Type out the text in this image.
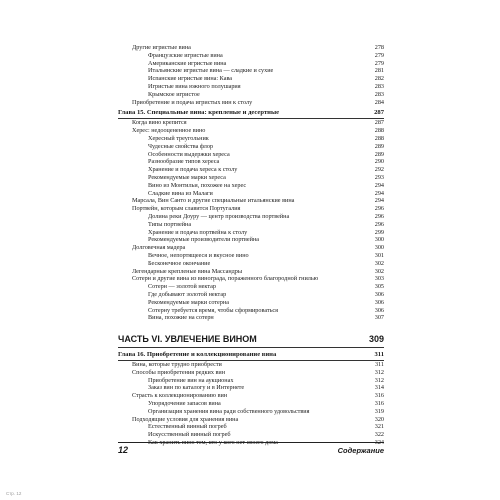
Другие игристые вина	278
Французские игристые вина	279
Американские игристые вина	279
Итальянские игристые вина — сладкие и сухие	281
Испанские игристые вина: Кава	282
Игристые вина южного полушария	283
Крымское игристое	283
Приобретение и подача игристых вин к столу	284
Глава 15. Специальные вина: крепленые и десертные	287
Когда вино крепится	287
Херес: недооцененное вино	288
Хересный треугольник	288
Чудесные свойства флор	289
Особенности выдержки хереса	289
Разнообразие типов хереса	290
Хранение и подача хереса к столу	292
Рекомендуемые марки хереса	293
Вино из Монтильи, похожее на херес	294
Сладкие вина из Малаги	294
Марсала, Вин Санто и другие специальные итальянские вина	294
Портвейн, которым славится Португалия	296
Долина реки Доуру — центр производства портвейна	296
Типы портвейна	296
Хранение и подача портвейна к столу	299
Рекомендуемые производители портвейна	300
Долговечная мадера	300
Вечное, непортящееся и вкусное вино	301
Бесконечное окончание	302
Легендарные крепленые вина Массандры	302
Сотерн и другие вина из винограда, пораженного благородной гнилью	303
Сотерн — золотой нектар	305
Где добывают золотой нектар	306
Рекомендуемые марки сотерна	306
Сотерну требуется время, чтобы сформироваться	306
Вина, похожие на сотерн	307
ЧАСТЬ VI. УВЛЕЧЕНИЕ ВИНОМ	309
Глава 16. Приобретение и коллекционирование вина	311
Вина, которые трудно приобрести	311
Способы приобретения редких вин	312
Приобретение вин на аукционах	312
Заказ вин по каталогу и в Интернете	314
Страсть к коллекционированию вин	316
Упорядочение запасов вина	316
Организация хранения вина ради собственного удовольствия	319
Подходящие условия для хранения вина	320
Естественный винный погреб	321
Искусственный винный погреб	322
Как хранить вино тем, кто у кого нет своего дома	324
12	Содержание
Стр. 12
